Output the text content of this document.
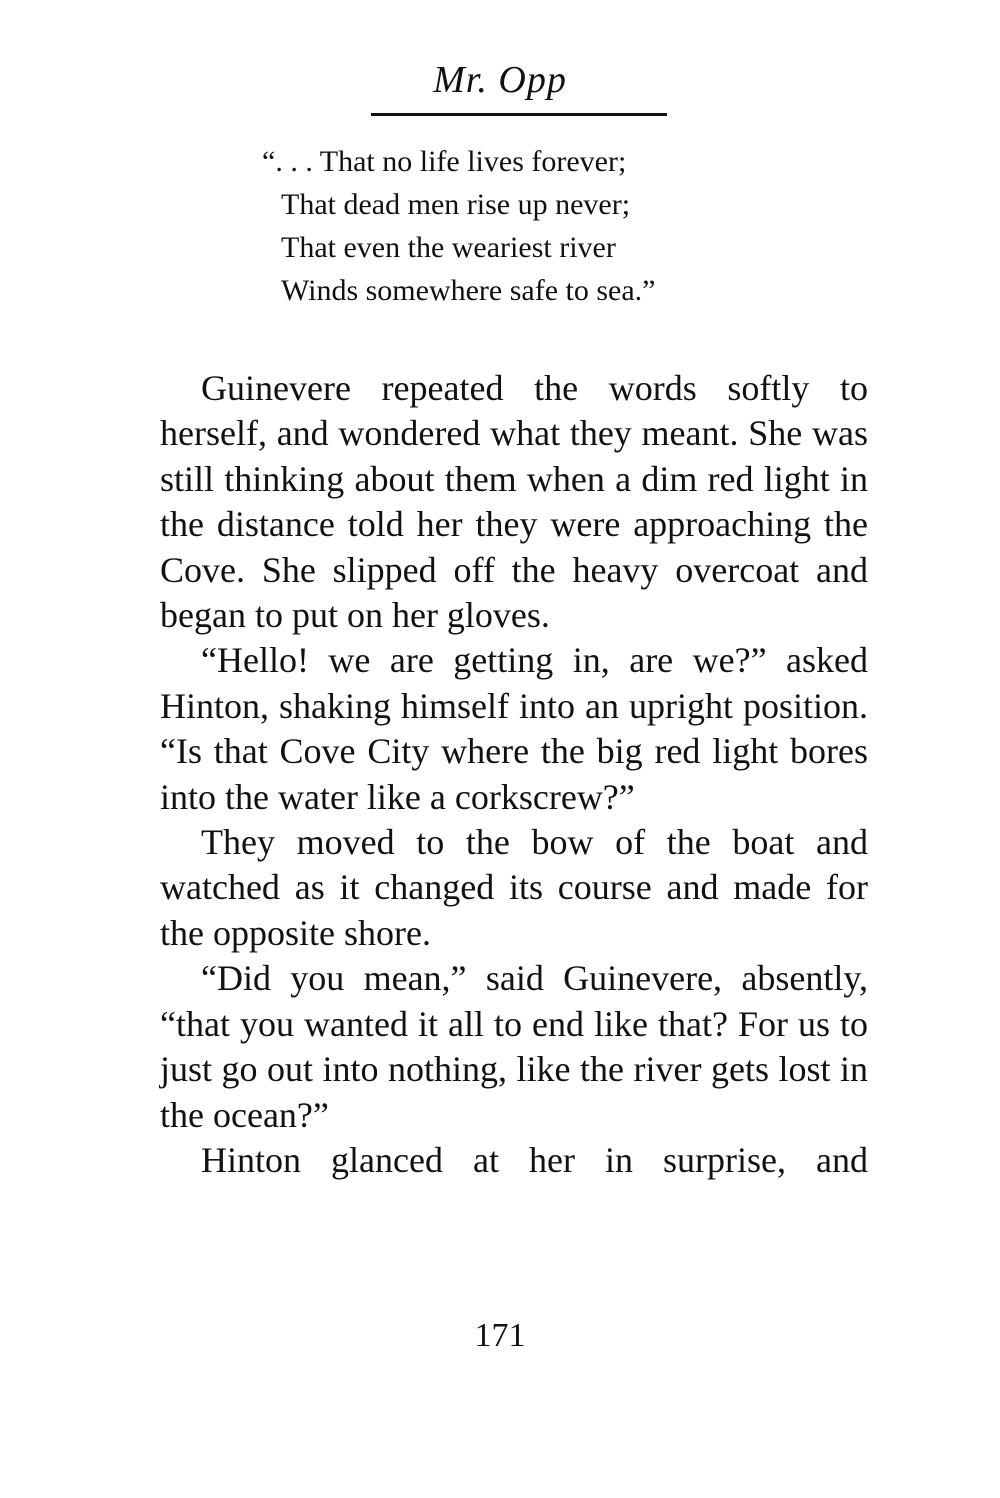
Mr. Opp
“. . . That no life lives forever;
That dead men rise up never;
That even the weariest river
Winds somewhere safe to sea.”

Guinevere repeated the words softly to herself, and wondered what they meant. She was still thinking about them when a dim red light in the distance told her they were approaching the Cove. She slipped off the heavy overcoat and began to put on her gloves.

“Hello! we are getting in, are we?” asked Hinton, shaking himself into an upright position. “Is that Cove City where the big red light bores into the water like a corkscrew?”

They moved to the bow of the boat and watched as it changed its course and made for the opposite shore.

“Did you mean,” said Guinevere, absently, “that you wanted it all to end like that? For us to just go out into nothing, like the river gets lost in the ocean?”

Hinton glanced at her in surprise, and

171
